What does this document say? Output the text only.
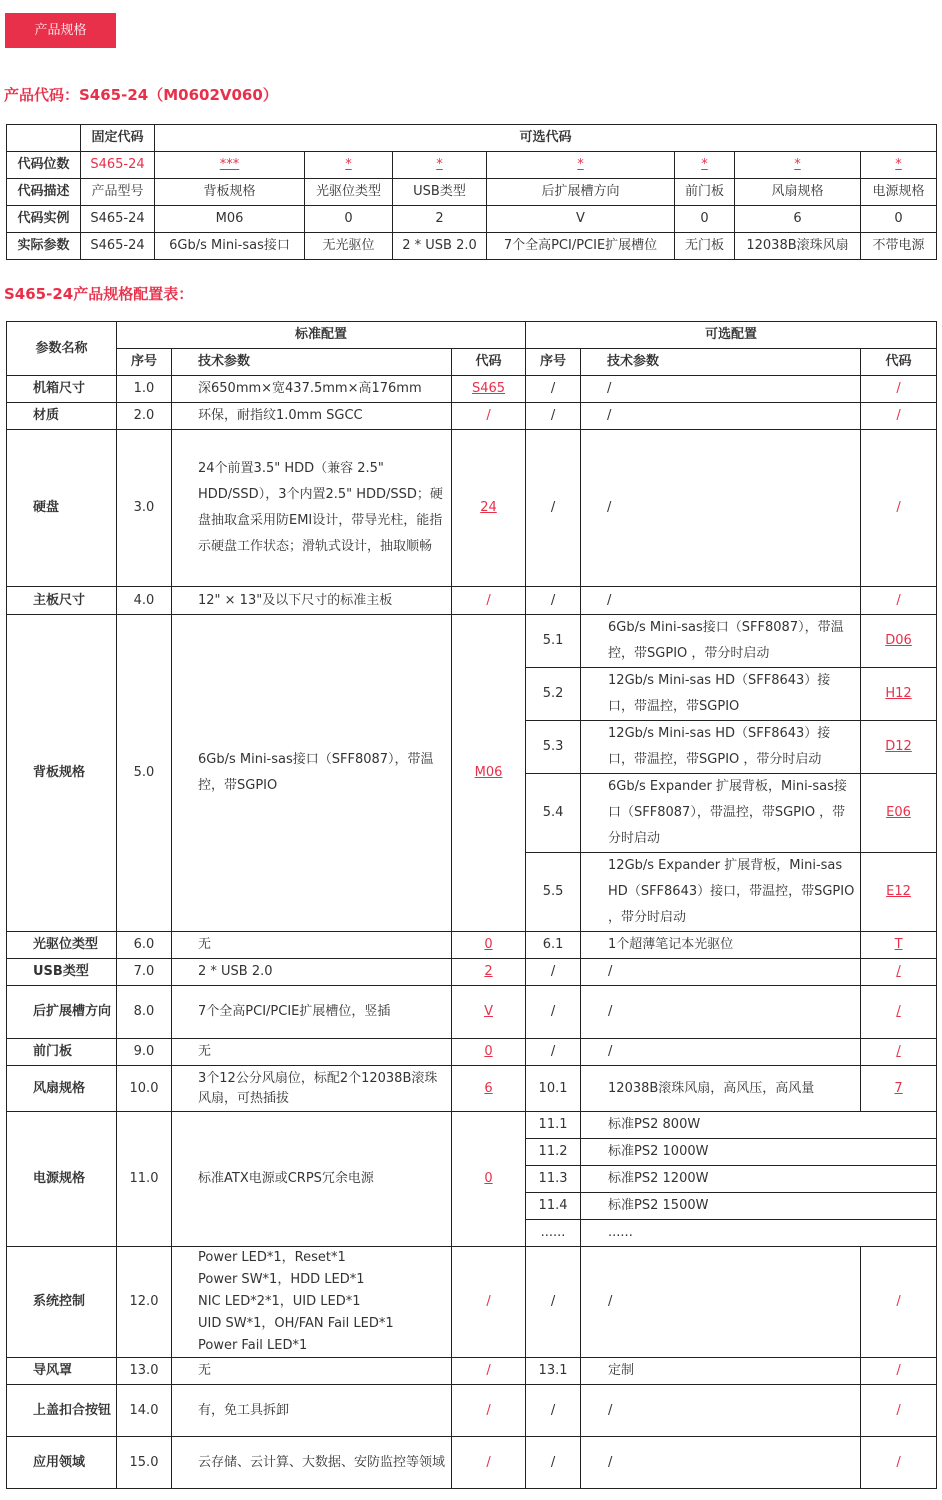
产品规格
产品代码：S465-24（M0602V060）
	固定代码	可选代码						
代码位数	S465-24	***	*	*	*	*	*	*
代码描述	产品型号	背板规格	光驱位类型	USB类型	后扩展槽方向	前门板	风扇规格	电源规格
代码实例	S465-24	M06	0	2	V	0	6	0
实际参数	S465-24	6Gb/s Mini-sas接口	无光驱位	2 * USB 2.0	7个全高PCI/PCIE扩展槽位	无门板	12038B滚珠风扇	不带电源
S465-24产品规格配置表：
参数名称	标准配置			可选配置		
	序号	技术参数	代码	序号	技术参数	代码
机箱尺寸	1.0	深650mm×宽437.5mm×高176mm	S465	/	/	/
材质	2.0	环保，耐指纹1.0mm SGCC	/	/	/	/
硬盘	3.0	24个前置3.5" HDD（兼容 2.5" HDD/SSD），3个内置2.5" HDD/SSD；硬盘抽取盒采用防EMI设计，带导光柱，能指示硬盘工作状态；滑轨式设计，抽取顺畅	24	/	/	/
主板尺寸	4.0	12" × 13"及以下尺寸的标准主板	/	/	/	/
背板规格	5.0	6Gb/s Mini-sas接口（SFF8087），带温控，带SGPIO	M06	5.1	6Gb/s Mini-sas接口（SFF8087），带温控，带SGPIO ，带分时启动	D06
				5.2	12Gb/s Mini-sas HD（SFF8643）接口，带温控，带SGPIO	H12
				5.3	12Gb/s Mini-sas HD（SFF8643）接口，带温控，带SGPIO ，带分时启动	D12
				5.4	6Gb/s Expander 扩展背板，Mini-sas接口（SFF8087），带温控，带SGPIO ，带分时启动	E06
				5.5	12Gb/s Expander 扩展背板，Mini-sas HD（SFF8643）接口，带温控，带SGPIO ，带分时启动	E12
光驱位类型	6.0	无	0	6.1	1个超薄笔记本光驱位	T
USB类型	7.0	2 * USB 2.0	2	/	/	/
后扩展槽方向	8.0	7个全高PCI/PCIE扩展槽位，竖插	V	/	/	/
前门板	9.0	无	0	/	/	/
风扇规格	10.0	3个12公分风扇位，标配2个12038B滚珠风扇，可热插拔	6	10.1	12038B滚珠风扇，高风压，高风量	7
电源规格	11.0	标准ATX电源或CRPS冗余电源	0	11.1	标准PS2 800W	
				11.2	标准PS2 1000W	
				11.3	标准PS2 1200W	
				11.4	标准PS2 1500W	
				......	......	
系统控制	12.0	Power LED*1，Reset*1
Power SW*1，HDD LED*1
NIC LED*2*1，UID LED*1
UID SW*1，OH/FAN Fail LED*1
Power Fail LED*1	/	/	/	/
导风罩	13.0	无	/	13.1	定制	/
上盖扣合按钮	14.0	有，免工具拆卸	/	/	/	/
应用领域	15.0	云存储、云计算、大数据、安防监控等领域	/	/	/	/
